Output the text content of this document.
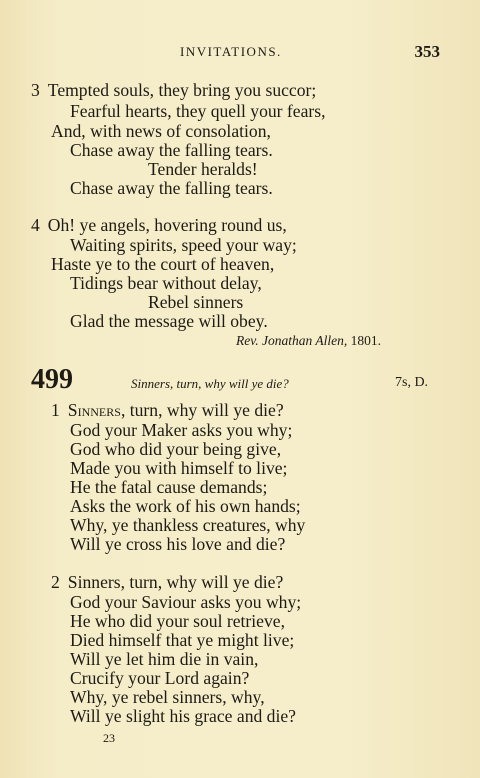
INVITATIONS.	353
3 Tempted souls, they bring you succor;
Fearful hearts, they quell your fears,
And, with news of consolation,
Chase away the falling tears.
Tender heralds!
Chase away the falling tears.
4 Oh! ye angels, hovering round us,
Waiting spirits, speed your way;
Haste ye to the court of heaven,
Tidings bear without delay,
Rebel sinners
Glad the message will obey.
Rev. Jonathan Allen, 1801.
499	Sinners, turn, why will ye die?	7s, D.
1 Sinners, turn, why will ye die?
God your Maker asks you why;
God who did your being give,
Made you with himself to live;
He the fatal cause demands;
Asks the work of his own hands;
Why, ye thankless creatures, why
Will ye cross his love and die?
2 Sinners, turn, why will ye die?
God your Saviour asks you why;
He who did your soul retrieve,
Died himself that ye might live;
Will ye let him die in vain,
Crucify your Lord again?
Why, ye rebel sinners, why,
Will ye slight his grace and die?
23
